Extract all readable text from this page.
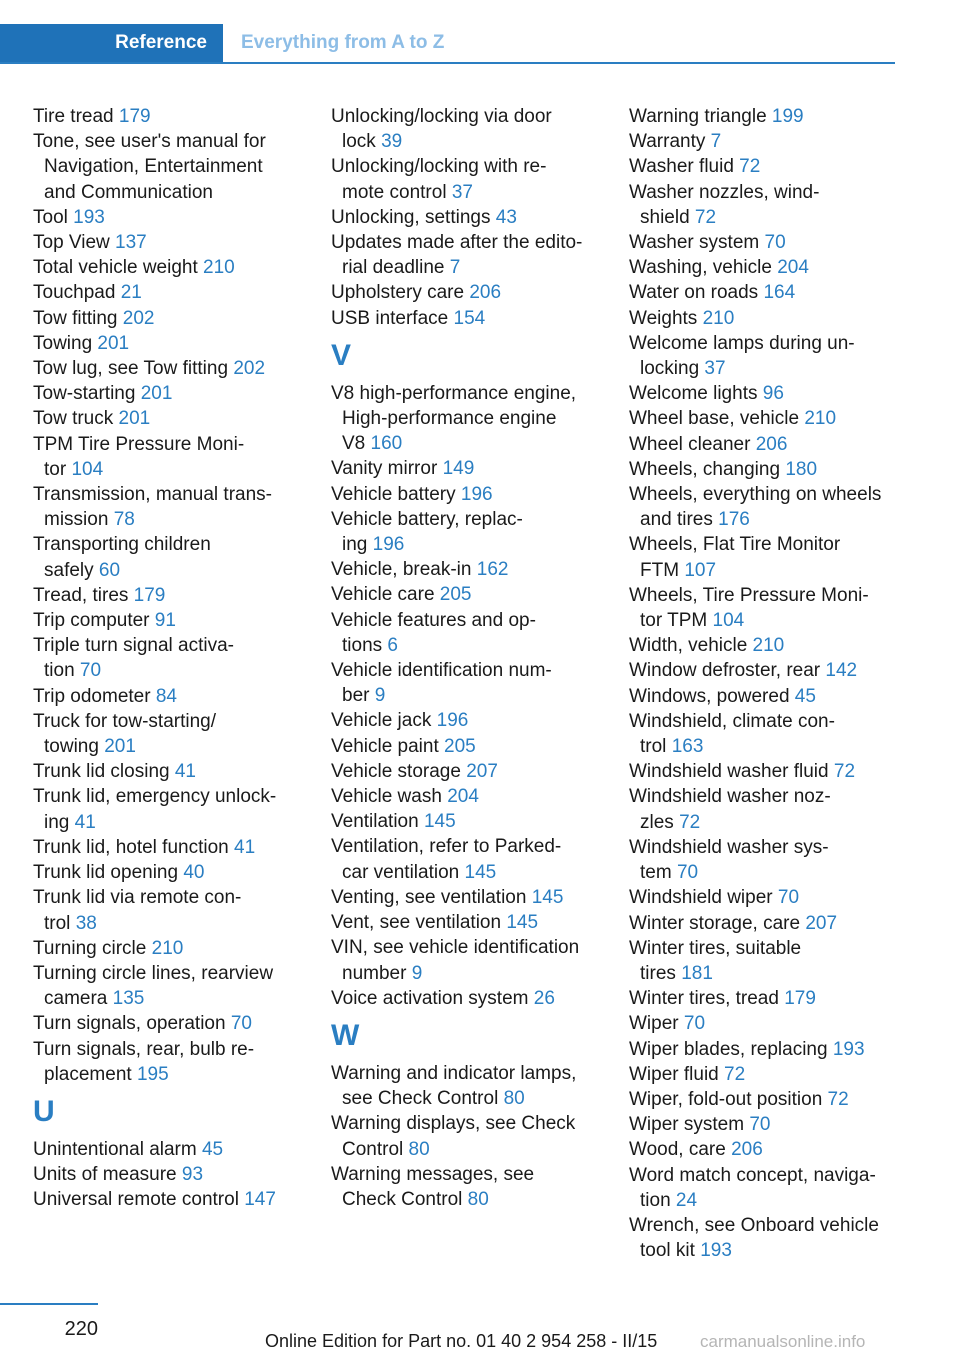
Reference	Everything from A to Z
Tire tread 179
Tone, see user's manual for
Navigation, Entertainment
and Communication
Tool 193
Top View 137
Total vehicle weight 210
Touchpad 21
Tow fitting 202
Towing 201
Tow lug, see Tow fitting 202
Tow-starting 201
Tow truck 201
TPM Tire Pressure Moni-
tor 104
Transmission, manual trans-
mission 78
Transporting children
safely 60
Tread, tires 179
Trip computer 91
Triple turn signal activa-
tion 70
Trip odometer 84
Truck for tow-starting/
towing 201
Trunk lid closing 41
Trunk lid, emergency unlock-
ing 41
Trunk lid, hotel function 41
Trunk lid opening 40
Trunk lid via remote con-
trol 38
Turning circle 210
Turning circle lines, rearview
camera 135
Turn signals, operation 70
Turn signals, rear, bulb re-
placement 195
U
Unintentional alarm 45
Units of measure 93
Universal remote control 147
Unlocking/locking via door
lock 39
Unlocking/locking with re-
mote control 37
Unlocking, settings 43
Updates made after the edito-
rial deadline 7
Upholstery care 206
USB interface 154
V
V8 high-performance engine,
High-performance engine
V8 160
Vanity mirror 149
Vehicle battery 196
Vehicle battery, replac-
ing 196
Vehicle, break-in 162
Vehicle care 205
Vehicle features and op-
tions 6
Vehicle identification num-
ber 9
Vehicle jack 196
Vehicle paint 205
Vehicle storage 207
Vehicle wash 204
Ventilation 145
Ventilation, refer to Parked-
car ventilation 145
Venting, see ventilation 145
Vent, see ventilation 145
VIN, see vehicle identification
number 9
Voice activation system 26
W
Warning and indicator lamps,
see Check Control 80
Warning displays, see Check
Control 80
Warning messages, see
Check Control 80
Warning triangle 199
Warranty 7
Washer fluid 72
Washer nozzles, wind-
shield 72
Washer system 70
Washing, vehicle 204
Water on roads 164
Weights 210
Welcome lamps during un-
locking 37
Welcome lights 96
Wheel base, vehicle 210
Wheel cleaner 206
Wheels, changing 180
Wheels, everything on wheels
and tires 176
Wheels, Flat Tire Monitor
FTM 107
Wheels, Tire Pressure Moni-
tor TPM 104
Width, vehicle 210
Window defroster, rear 142
Windows, powered 45
Windshield, climate con-
trol 163
Windshield washer fluid 72
Windshield washer noz-
zles 72
Windshield washer sys-
tem 70
Windshield wiper 70
Winter storage, care 207
Winter tires, suitable
tires 181
Winter tires, tread 179
Wiper 70
Wiper blades, replacing 193
Wiper fluid 72
Wiper, fold-out position 72
Wiper system 70
Wood, care 206
Word match concept, naviga-
tion 24
Wrench, see Onboard vehicle
tool kit 193
220
Online Edition for Part no. 01 40 2 954 258 - II/15	carmanualsonline.info
